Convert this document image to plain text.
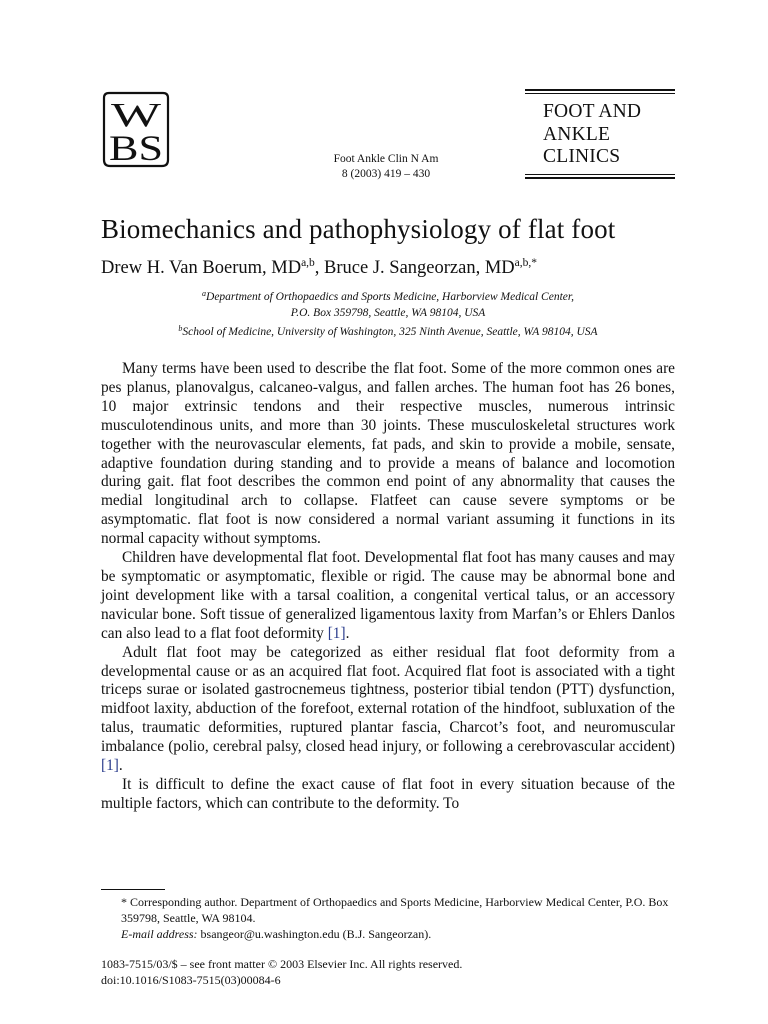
W
BS	Foot Ankle Clin N Am
8 (2003) 419 – 430
FOOT AND
ANKLE
CLINICS
Biomechanics and pathophysiology of flat foot
Drew H. Van Boerum, MD$^{a,b}$, Bruce J. Sangeorzan, $MD^{a,b,*}$
$^a$Department of Orthopaedics and Sports Medicine, Harborview Medical Center,
P.O. Box 359798, Seattle, WA 98104, USA
$^b$School of Medicine, University of Washington, 325 Ninth Avenue, Seattle, WA 98104, USA

Many terms have been used to describe the flat foot. Some of the more common ones are pes planus, planovalgus, calcaneo-valgus, and fallen arches. The human foot has 26 bones, 10 major extrinsic tendons and their respective muscles, numerous intrinsic musculotendinous units, and more than 30 joints. These musculoskeletal structures work together with the neurovascular elements, fat pads, and skin to provide a mobile, sensate, adaptive foundation during standing and to provide a means of balance and locomotion during gait. flat foot describes the common end point of any abnormality that causes the medial longitudinal arch to collapse. Flatfeet can cause severe symptoms or be asymptomatic. flat foot is now considered a normal variant assuming it functions in its normal capacity without symptoms.

Children have developmental flat foot. Developmental flat foot has many causes and may be symptomatic or asymptomatic, flexible or rigid. The cause may be abnormal bone and joint development like with a tarsal coalition, a congenital vertical talus, or an accessory navicular bone. Soft tissue of generalized ligamentous laxity from Marfan’s or Ehlers Danlos can also lead to a flat foot deformity [1].

Adult flat foot may be categorized as either residual flat foot deformity from a developmental cause or as an acquired flat foot. Acquired flat foot is associated with a tight triceps surae or isolated gastrocnemeus tightness, posterior tibial tendon (PTT) dysfunction, midfoot laxity, abduction of the forefoot, external rotation of the hindfoot, subluxation of the talus, traumatic deformities, ruptured plantar fascia, Charcot’s foot, and neuromuscular imbalance (polio, cerebral palsy, closed head injury, or following a cerebrovascular accident) [1].

It is difficult to define the exact cause of flat foot in every situation because of the multiple factors, which can contribute to the deformity. To

* Corresponding author. Department of Orthopaedics and Sports Medicine, Harborview Medical Center, P.O. Box 359798, Seattle, WA 98104.
E-mail address: bsangeor@u.washington.edu (B.J. Sangeorzan).
1083-7515/03/$ – see front matter © 2003 Elsevier Inc. All rights reserved.
doi:10.1016/S1083-7515(03)00084-6
